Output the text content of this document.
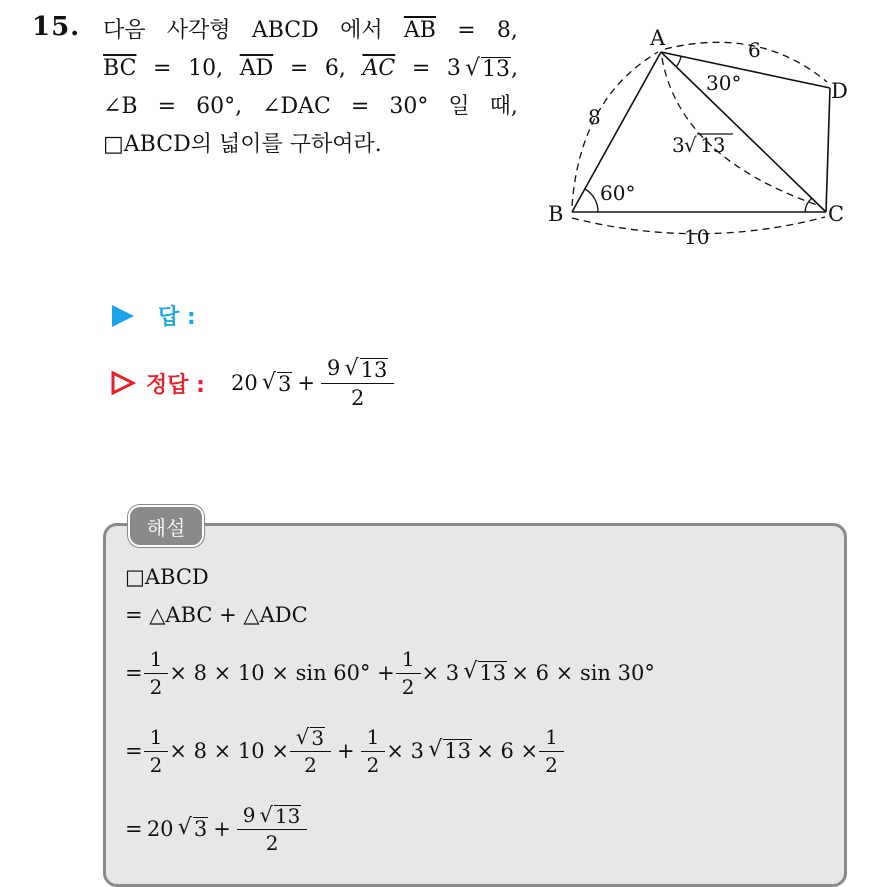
15. 다음 사각형 ABCD 에서 $\overline{AB} = 8$,
$\overline{BC} = 10$, $\overline{AD} = 6$, $\overline{AC} = 3$  √ 13 ,
∠B = 60°, ∠DAC = 30° 일 때,
□ABCD의 넓이를 구하여라.
A
B	C
D
8
10
6
3 √ 13
60°
30°
답 :
정답 : 20
  √ $3 + \frac{9 √ 13}{2}$
해설
□ABCD
= △ABC + △ADC
= $\frac{1}{2} \times 8 \times 10 \times \sin 60^\circ + \frac{1}{2} \times 3$
  √ 13
  × 6 × sin 30°
= $\frac{1}{2} \times 8 \times 10 \times \frac{√ 3}{2} + \frac{1}{2} \times 3$
  √ 13
  × $6 \times \frac{1}{2}$
=
  20
  √ $3 + \frac{9 √ 13}{2}$
